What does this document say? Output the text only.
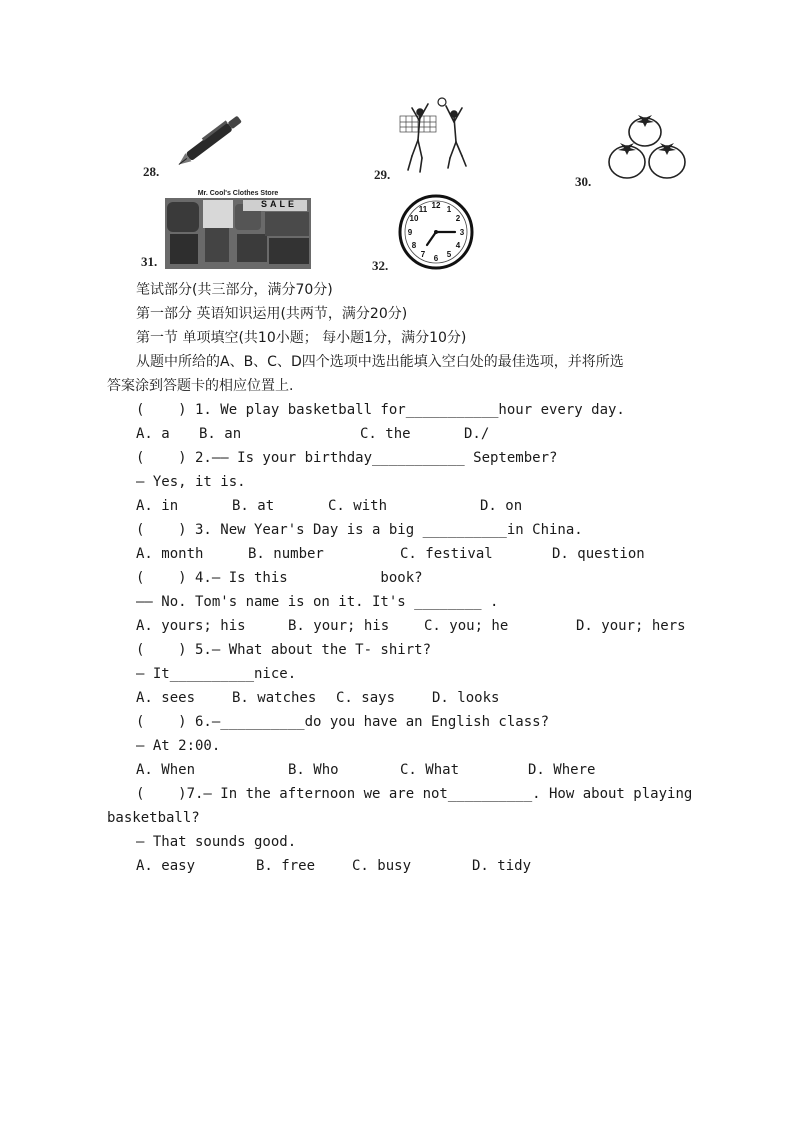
28.	29.	30.
31.
Mr. Cool's Clothes Store
SALE
32.
12 1
2
3
4
5
6
7
8
9
10
11
笔试部分(共三部分，满分70分)
第一部分 英语知识运用(共两节，满分20分)
第一节 单项填空(共10小题； 每小题1分，满分10分)
从题中所给的A、B、C、D四个选项中选出能填入空白处的最佳选项，并将所选
答案涂到答题卡的相应位置上.
(    ) 1. We play basketball for___________hour every day.
A. a B. an	C. the	D./
(    ) 2.—— Is your birthday___________ September?
— Yes, it is.
A. in	B. at	C. with	D. on
(    ) 3. New Year's Day is a big __________in China.
A. month	B. number	C. festival	D. question
(    ) 4.— Is this           book?
—— No. Tom's name is on it. It's ________ .
A. yours; his	B. your; his C. you; he	D. your; hers
(    ) 5.— What about the T- shirt?
— It__________nice.
A. sees	B. watches C. says	D. looks
(    ) 6.—__________do you have an English class?
— At 2:00.
A. When	B. Who	C. What	D. Where
(    )7.— In the afternoon we are not__________. How about playing
basketball?
— That sounds good.
A. easy	B. free	C. busy	D. tidy
